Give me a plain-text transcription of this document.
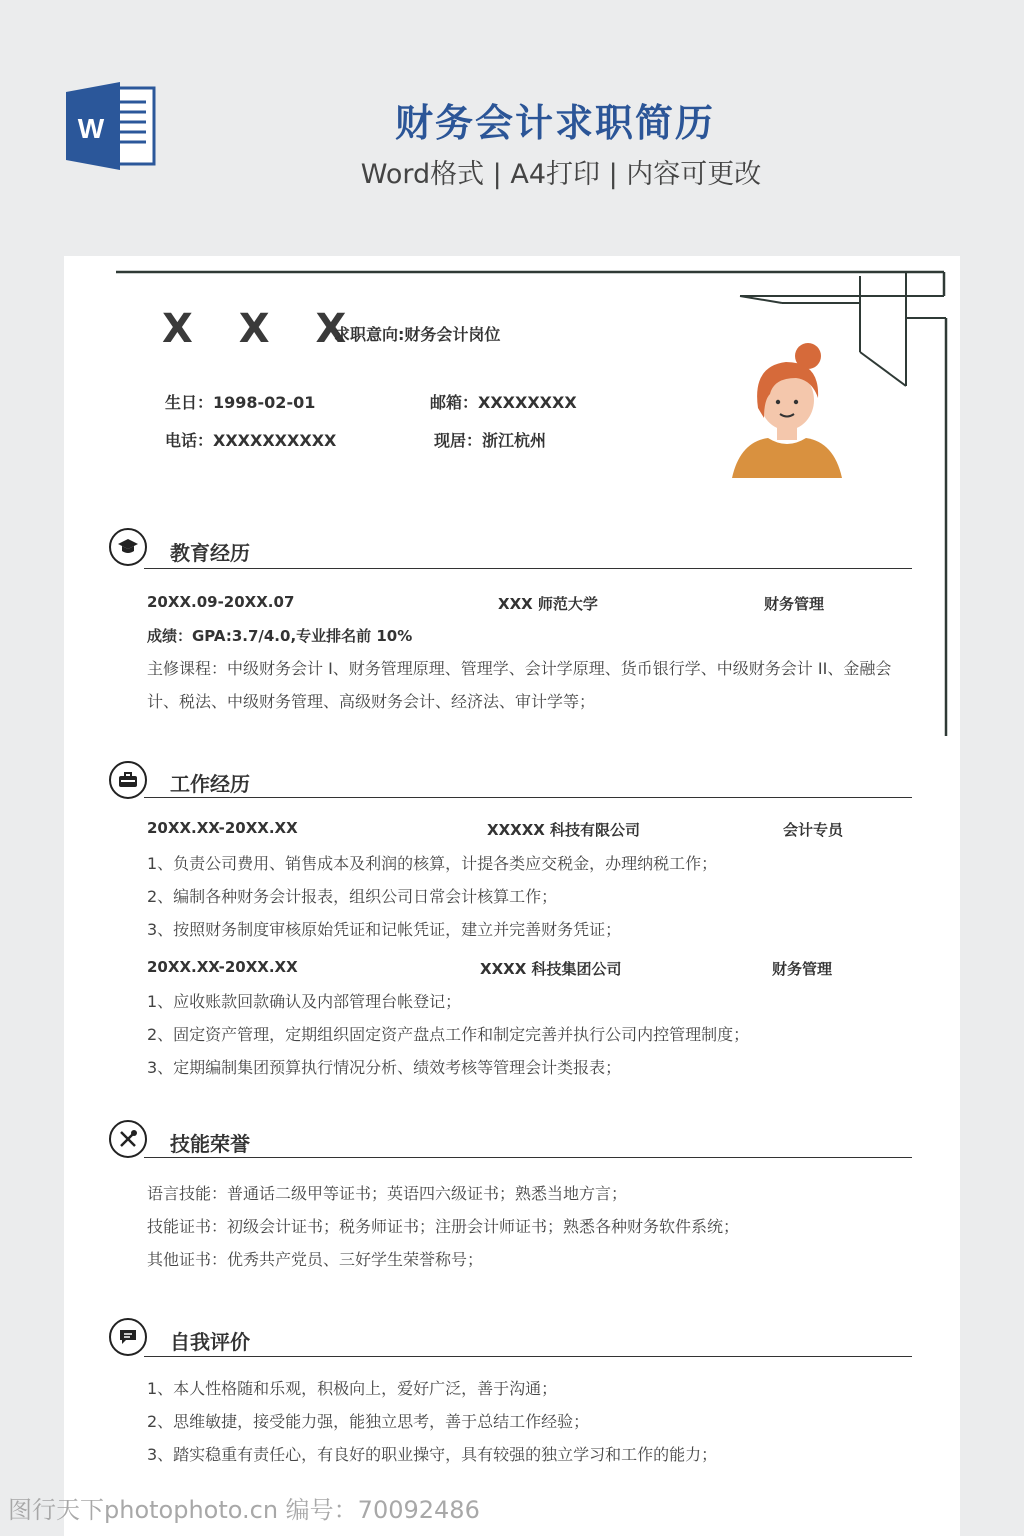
W	财务会计求职简历
Word格式 | A4打印 | 内容可更改
X X X
求职意向:财务会计岗位
生日：1998-02-01	邮箱：XXXXXXXX
电话：XXXXXXXXXX	现居：浙江杭州
教育经历
20XX.09-20XX.07	XXX 师范大学	财务管理
成绩：GPA:3.7/4.0,专业排名前 10%
主修课程：中级财务会计 I、财务管理原理、管理学、会计学原理、货币银行学、中级财务会计 II、金融会
计、税法、中级财务管理、高级财务会计、经济法、审计学等；
工作经历
20XX.XX-20XX.XX	XXXXX 科技有限公司	会计专员
1、负责公司费用、销售成本及利润的核算，计提各类应交税金，办理纳税工作；
2、编制各种财务会计报表，组织公司日常会计核算工作；
3、按照财务制度审核原始凭证和记帐凭证，建立并完善财务凭证；
20XX.XX-20XX.XX	XXXX 科技集团公司	财务管理
1、应收账款回款确认及内部管理台帐登记；
2、固定资产管理，定期组织固定资产盘点工作和制定完善并执行公司内控管理制度；
3、定期编制集团预算执行情况分析、绩效考核等管理会计类报表；
技能荣誉
语言技能：普通话二级甲等证书；英语四六级证书；熟悉当地方言；
技能证书：初级会计证书；税务师证书；注册会计师证书；熟悉各种财务软件系统；
其他证书：优秀共产党员、三好学生荣誉称号；
自我评价
1、本人性格随和乐观，积极向上，爱好广泛，善于沟通；
2、思维敏捷，接受能力强，能独立思考，善于总结工作经验；
3、踏实稳重有责任心，有良好的职业操守，具有较强的独立学习和工作的能力；
图行天下photophoto.cn 编号：70092486
